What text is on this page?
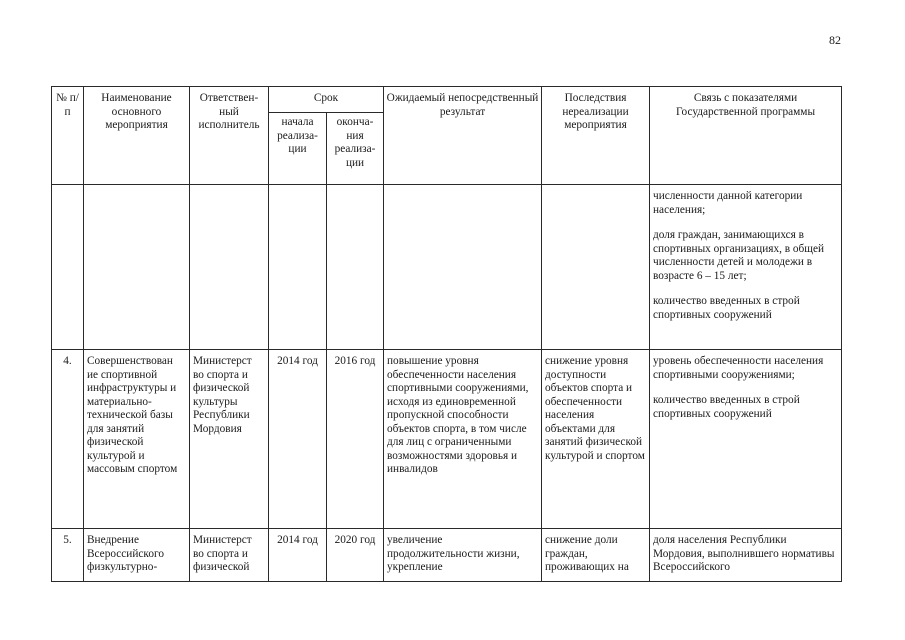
82
№ п/п	Наименование основного мероприятия	Ответствен-ный исполнитель	Срок		Ожидаемый непосредственный результат	Последствия нереализации мероприятия	Связь с показателями Государственной программы
			начала реализа-ции	оконча-ния реализа-ции			

							численности данной категории населения;
доля граждан, занимающихся в спортивных организациях, в общей численности детей и молодежи в возрасте 6 – 15 лет;
количество введенных в строй спортивных сооружений

4.	Совершенствован ие спортивной инфраструктуры и материально-технической базы для занятий физической культурой и массовым спортом	Министерст во спорта и физической культуры Республики Мордовия	2014 год	2016 год	повышение уровня обеспеченности населения спортивными сооружениями, исходя из единовременной пропускной способности объектов спорта, в том числе для лиц с ограниченными возможностями здоровья и инвалидов	снижение уровня доступности объектов спорта и обеспеченности населения объектами для занятий физической культурой и спортом	уровень обеспеченности населения спортивными сооружениями;
количество введенных в строй спортивных сооружений

5.	Внедрение Всероссийского физкультурно-	Министерст во спорта и физической	2014 год	2020 год	увеличение продолжительности жизни, укрепление	снижение доли граждан, проживающих на	доля населения Республики Мордовия, выполнившего нормативы Всероссийского
